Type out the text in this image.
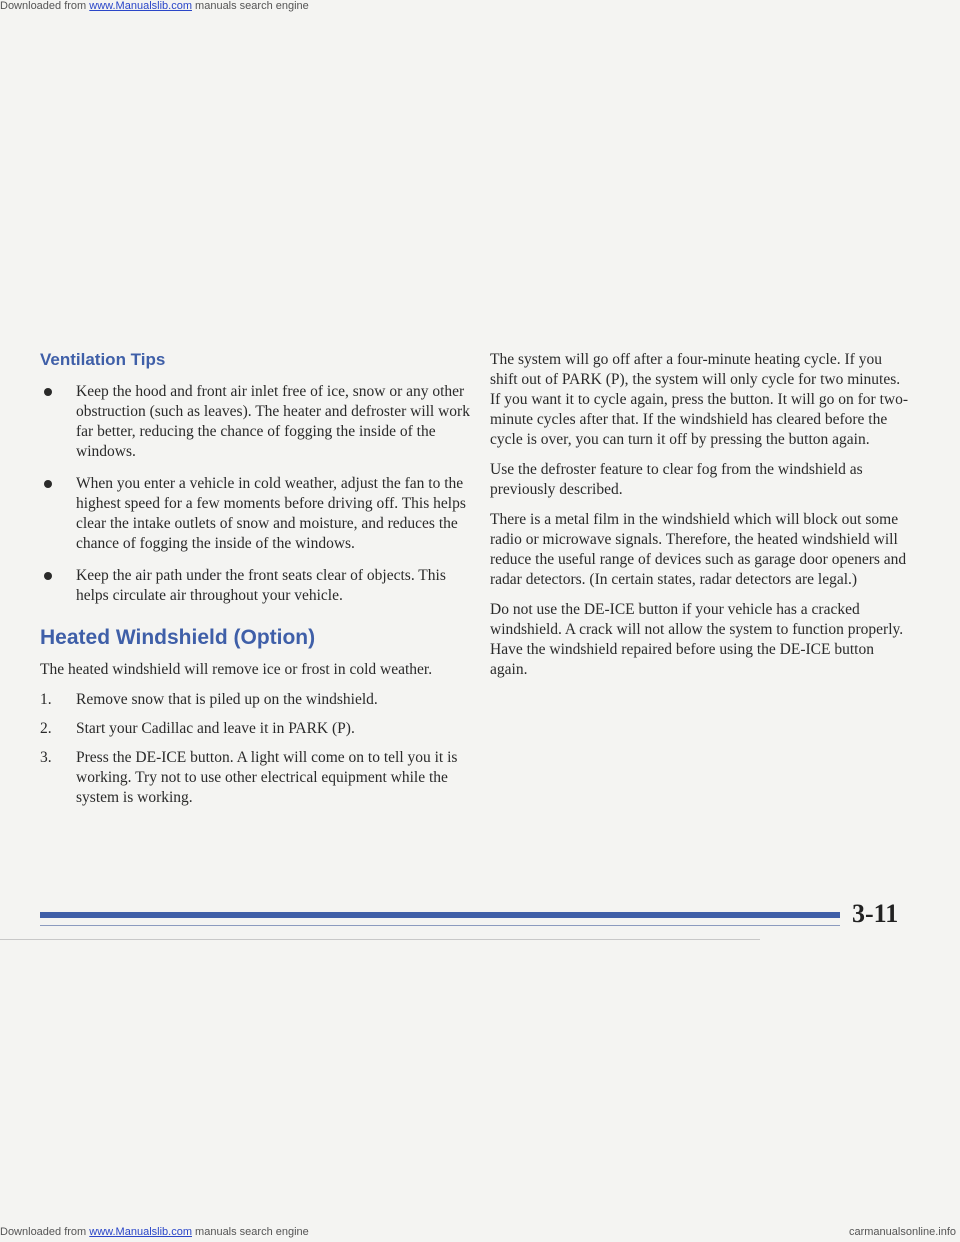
Downloaded from www.Manualslib.com manuals search engine
Ventilation Tips
Keep the hood and front air inlet free of ice, snow or any other obstruction (such as leaves). The heater and defroster will work far better, reducing the chance of fogging the inside of the windows.
When you enter a vehicle in cold weather, adjust the fan to the highest speed for a few moments before driving off. This helps clear the intake outlets of snow and moisture, and reduces the chance of fogging the inside of the windows.
Keep the air path under the front seats clear of objects. This helps circulate air throughout your vehicle.
Heated Windshield (Option)

The heated windshield will remove ice or frost in cold weather.

1.	Remove snow that is piled up on the windshield.
2.	Start your Cadillac and leave it in PARK (P).
3.	Press the DE-ICE button. A light will come on to tell you it is working. Try not to use other electrical equipment while the system is working.

The system will go off after a four-minute heating cycle. If you shift out of PARK (P), the system will only cycle for two minutes. If you want it to cycle again, press the button. It will go on for two-minute cycles after that. If the windshield has cleared before the cycle is over, you can turn it off by pressing the button again.

Use the defroster feature to clear fog from the windshield as previously described.

There is a metal film in the windshield which will block out some radio or microwave signals. Therefore, the heated windshield will reduce the useful range of devices such as garage door openers and radar detectors. (In certain states, radar detectors are legal.)

Do not use the DE-ICE button if your vehicle has a cracked windshield. A crack will not allow the system to function properly. Have the windshield repaired before using the DE-ICE button again.

3-11
Downloaded from www.Manualslib.com manuals search engine	carmanualsonline.info
